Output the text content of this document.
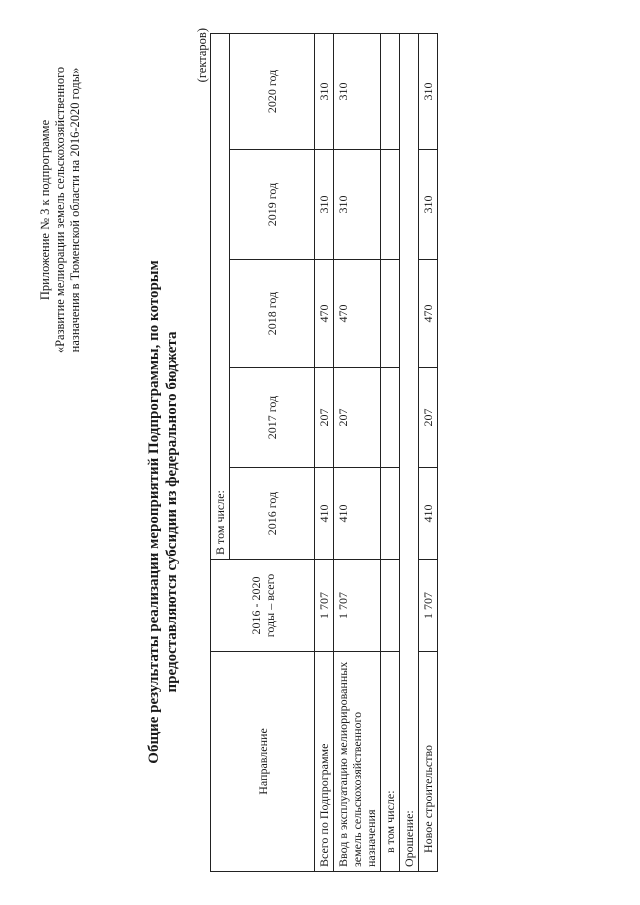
Приложение № 3 к подпрограмме «Развитие мелиорации земель сельскохозяйственного назначения в Тюменской области на 2016-2020 годы»
Общие результаты реализации мероприятий Подпрограммы, по которым предоставляются субсидии из федерального бюджета
(гектаров)
Направление	2016 - 2020 годы – всего	В том числе:				
		2016 год	2017 год	2018 год	2019 год	2020 год
Всего по Подпрограмме	1 707	410	207	470	310	310
Ввод в эксплуатацию мелиорированных земель сельскохозяйственного назначения	1 707	410	207	470	310	310
в том числе:						
Орошение:						
Новое строительство	1 707	410	207	470	310	310
